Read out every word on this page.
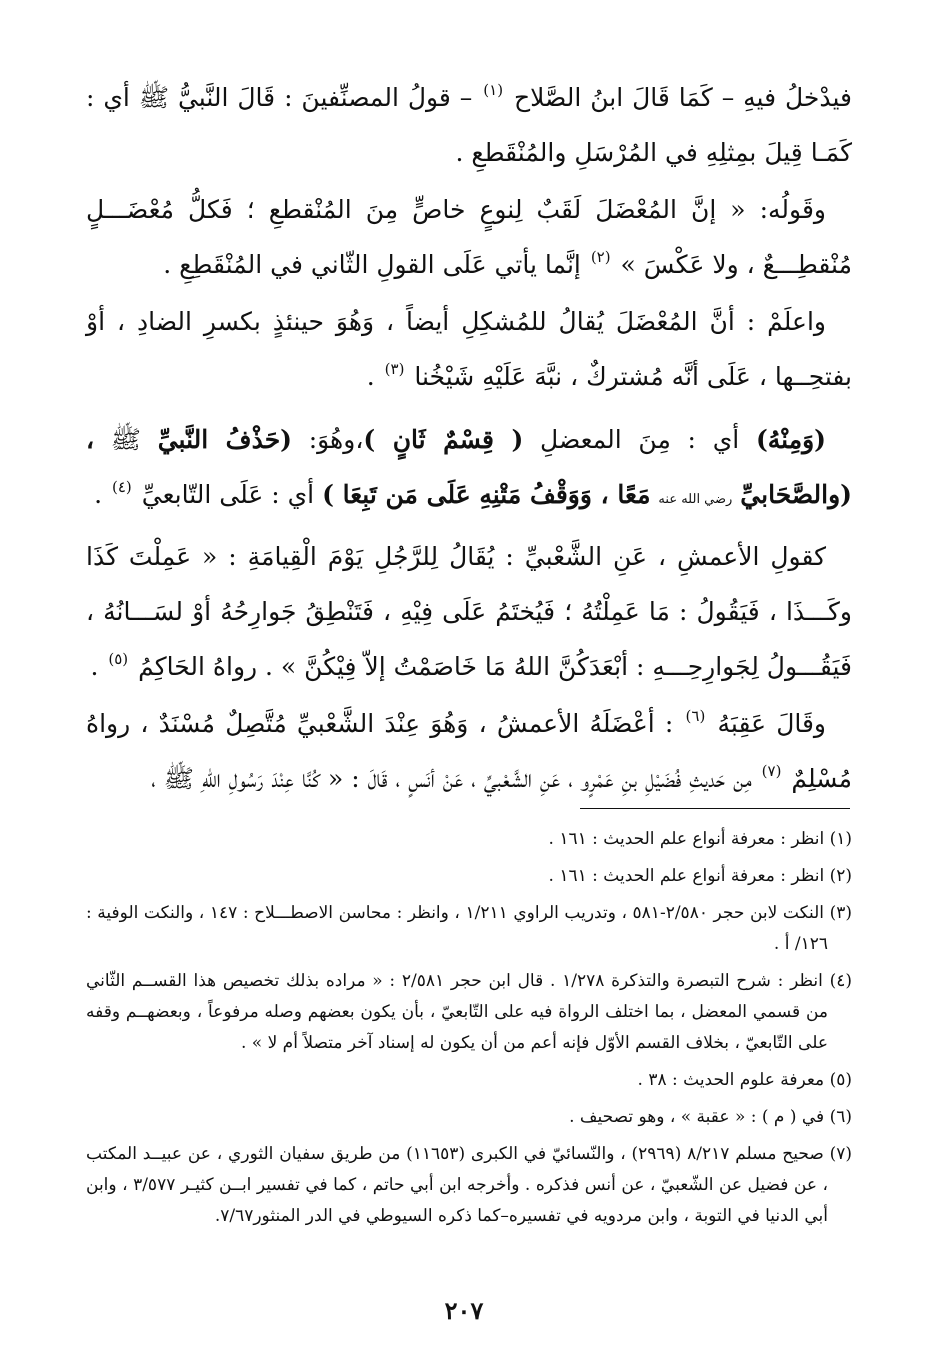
فيدْخلُ فيهِ – كَمَا قَالَ ابنُ الصَّلاح $^{(١)}$ – قولُ المصنِّفينَ : قَالَ النَّبيُّ ﷺ أي : كَمَـا قِيلَ بمِثلِهِ في المُرْسَلِ والمُنْقَطعِ .

وقَولُه: « إنَّ المُعْضَلَ لَقَبٌ لِنوعٍ خاصٍّ مِنَ المُنْقطعِ ؛ فَكلُّ مُعْضَـــلٍ مُنْقطِـــعٌ ، ولا عَكْسَ » $^{(٢)}$ إنَّما يأتي عَلَى القولِ الثّاني في المُنْقَطِعِ .

واعلَمْ : أنَّ المُعْضَلَ يُقالُ للمُشكِلِ أيضاً ، وَهُوَ حينئذٍ بكسرِ الضادِ ، أوْ بفتحِــها ، عَلَى أنَّه مُشتركٌ ، نبَّهَ عَلَيْهِ شَيْخُنا $^{(٣)}$ .

(وَمِنْهُ) أي : مِنَ المعضلِ ( قِسْمٌ ثَانٍ )،وهُوَ: (حَذْفُ النَّبيِّ ﷺ ،(والصَّحَابيِّ رضي الله عنه مَعًا ، وَوَقْفُ مَتْنِهِ عَلَى مَن تَبِعَا ) أي : عَلَى التّابعيِّ $^{(٤)}$ .

كقولِ الأعمشِ ، عَنِ الشَّعْبيِّ : يُقَالُ لِلرَّجُلِ يَوْمَ الْقِيامَةِ : « عَمِلْتَ كَذَا وكَـــذَا ، فَيَقُولُ : مَا عَمِلْتُهُ ؛ فَيُختَمُ عَلَى فِيْهِ ، فَتَنْطِقُ جَوارِحُهُ أوْ لسَـــانُهُ ، فَيَقُـــولُ لِجَوارِحِـــهِ : أبْعَدَكُنَّ اللهُ مَا خَاصَمْتُ إلاّ فِيْكُنَّ » . رواهُ الحَاكِمُ $^{(٥)}$ .

وقَالَ عَقِبَهُ $^{(٦)}$ : أعْضَلَهُ الأعمشُ ، وَهُوَ عِنْدَ الشَّعْبيِّ مُتَّصِلٌ مُسْنَدٌ ، رواهُ مُسْلِمٌ $^{(٧)}$ مِن حَديثِ فُضَيْلِ بنِ عَمْرٍو ، عَنِ الشَّعْبيِّ ، عَنْ أنَسٍ ، قَالَ : « كُنَّا عِنْدَ رَسُولِ اللهِ ﷺ ،

(١) انظر : معرفة أنواع علم الحديث : ١٦١ .

(٢) انظر : معرفة أنواع علم الحديث : ١٦١ .

(٣) النكت لابن حجر ٢/٥٨٠-٥٨١ ، وتدريب الراوي ١/٢١١ ، وانظر : محاسن الاصطـــلاح : ١٤٧ ، والنكت الوفية : ١٢٦/ أ .

(٤) انظر : شرح التبصرة والتذكرة ١/٢٧٨ . قال ابن حجر ٢/٥٨١ : « مراده بذلك تخصيص هذا القســم الثّاني من قسمي المعضل ، بما اختلف الرواة فيه على التّابعيّ ، بأن يكون بعضهم وصله مرفوعاً ، وبعضهــم وقفه على التّابعيّ ، بخلاف القسم الأوّل فإنه أعم من أن يكون له إسناد آخر متصلاً أم لا » .

(٥) معرفة علوم الحديث : ٣٨ .

(٦) في ( م ) : « عقبة » ، وهو تصحيف .

(٧) صحيح مسلم ٨/٢١٧ (٢٩٦٩) ، والنّسائيّ في الكبرى (١١٦٥٣) من طريق سفيان الثوري ، عن عبيــد المكتب ، عن فضيل عن الشّعبيّ ، عن أنس فذكره . وأخرجه ابن أبي حاتم ، كما في تفسير ابــن كثيـر ٣/٥٧٧ ، وابن أبي الدنيا في التوبة ، وابن مردويه في تفسيره–كما ذكره السيوطي في الدر المنثور٧/٦٧.

٢٠٧
